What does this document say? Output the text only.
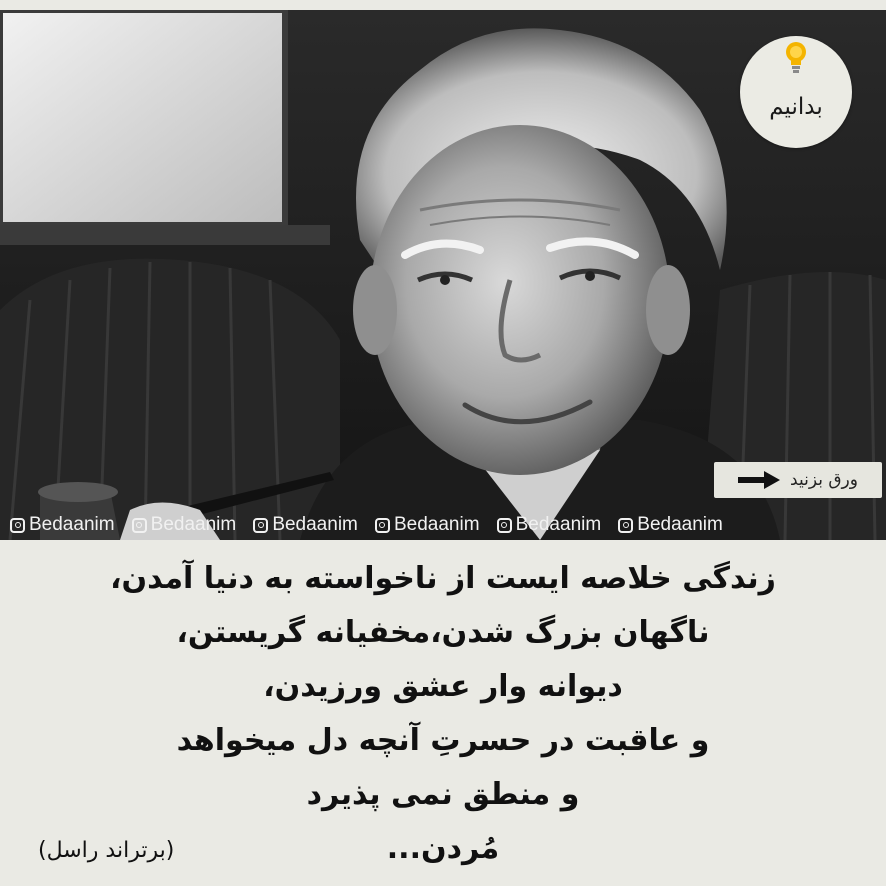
بدانیم
ورق بزنید
Bedaanim
Bedaanim
Bedaanim
Bedaanim
Bedaanim
Bedaanim
زندگی خلاصه ایست از ناخواسته به دنیا آمدن،
ناگهان بزرگ شدن،مخفیانه گریستن،
دیوانه وار عشق ورزیدن،
و عاقبت در حسرتِ آنچه دل میخواهد
و منطق نمی پذیرد
مُردن...
(برتراند راسل)
